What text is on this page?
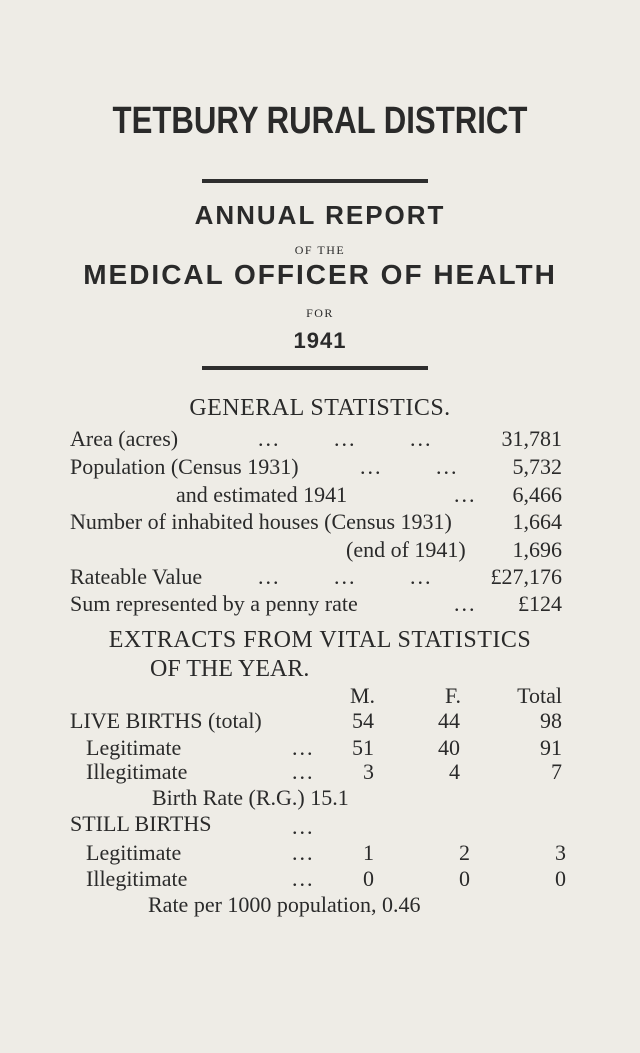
TETBURY RURAL DISTRICT
ANNUAL REPORT
OF THE
MEDICAL OFFICER OF HEALTH
FOR
1941
GENERAL STATISTICS.
Area (acres)	... ... ...	31,781
Population (Census 1931)	... ... 5,732
and estimated 1941	... 6,466
Number of inhabited houses (Census 1931)	1,664
(end of 1941) 1,696
Rateable Value	... ... ...	£27,176
Sum represented by a penny rate	... £124
EXTRACTS FROM VITAL STATISTICS
OF THE YEAR.
M.	F.	Total
LIVE BIRTHS (total)	54	44	98
Legitimate	... 51	40	91
Illegitimate	... 3	4	7
Birth Rate (R.G.) 15.1
STILL BIRTHS	...
Legitimate	... 1	2	3
Illegitimate	... 0	0	0
Rate per 1000 population, 0.46
